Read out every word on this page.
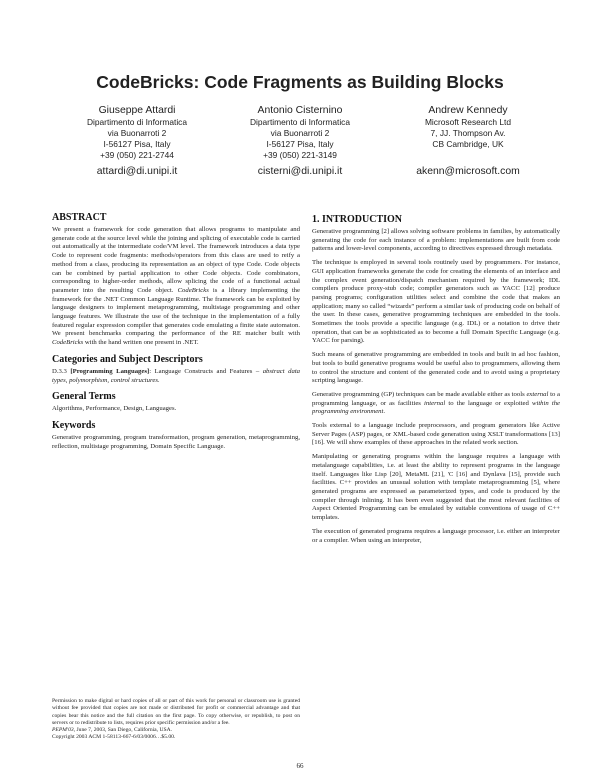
CodeBricks: Code Fragments as Building Blocks
Giuseppe Attardi
Dipartimento di Informatica
via Buonarroti 2
I-56127 Pisa, Italy
+39 (050) 221-2744
attardi@di.unipi.it
Antonio Cisternino
Dipartimento di Informatica
via Buonarroti 2
I-56127 Pisa, Italy
+39 (050) 221-3149
cisterni@di.unipi.it
Andrew Kennedy
Microsoft Research Ltd
7, JJ. Thompson Av.
CB Cambridge, UK
akenn@microsoft.com
ABSTRACT

We present a framework for code generation that allows programs to manipulate and generate code at the source level while the joining and splicing of executable code is carried out automatically at the intermediate code/VM level. The framework introduces a data type Code to represent code fragments: methods/operators from this class are used to reify a method from a class, producing its representation as an object of type Code. Code objects can be combined by partial application to other Code objects. Code combinators, corresponding to higher-order methods, allow splicing the code of a functional actual parameter into the resulting Code object. CodeBricks is a library implementing the framework for the .NET Common Language Runtime. The framework can be exploited by language designers to implement metaprogramming, multistage programming and other language features. We illustrate the use of the technique in the implementation of a fully featured regular expression compiler that generates code emulating a finite state automaton. We present benchmarks comparing the performance of the RE matcher built with CodeBricks with the hand written one present in .NET.

Categories and Subject Descriptors

D.3.3 [Programming Languages]: Language Constructs and Features – abstract data types, polymorphism, control structures.

General Terms

Algorithms, Performance, Design, Languages.

Keywords

Generative programming, program transformation, program generation, metaprogramming, reflection, multistage programming, Domain Specific Language.

Permission to make digital or hard copies of all or part of this work for personal or classroom use is granted without fee provided that copies are not made or distributed for profit or commercial advantage and that copies bear this notice and the full citation on the first page. To copy otherwise, or republish, to post on servers or to redistribute to lists, requires prior specific permission and/or a fee.

PEPM'03, June 7, 2003, San Diego, California, USA.

Copyright 2003 ACM 1-58113-667-6/03/0006…$5.00.

1. INTRODUCTION

Generative programming [2] allows solving software problems in families, by automatically generating the code for each instance of a problem: implementations are built from code patterns and lower-level components, according to directives expressed through metadata.

The technique is employed in several tools routinely used by programmers. For instance, GUI application frameworks generate the code for creating the elements of an interface and the complex event generation/dispatch mechanism required by the framework; IDL compilers produce proxy-stub code; compiler generators such as YACC [12] produce parsing programs; configuration utilities select and combine the code that makes an application; many so called “wizards” perform a similar task of producing code on behalf of the user. In these cases, generative programming techniques are embedded in the tools. Sometimes the tools provide a specific language (e.g. IDL) or a notation to drive their operation, that can be as sophisticated as to become a full Domain Specific Language (e.g. YACC for parsing).

Such means of generative programming are embedded in tools and built in ad hoc fashion, but tools to build generative programs would be useful also to programmers, allowing them to control the structure and content of the generated code and to avoid using a proprietary scripting language.

Generative programming (GP) techniques can be made available either as tools external to a programming language, or as facilities internal to the language or exploited within the programming environment.

Tools external to a language include preprocessors, and program generators like Active Server Pages (ASP) pages, or XML-based code generation using XSLT transformations [13][16]. We will show examples of these approaches in the related work section.

Manipulating or generating programs within the language requires a language with metalanguage capabilities, i.e. at least the ability to represent programs in the language itself. Languages like Lisp [20], MetaML [21], 'C [16] and Dynlava [15], provide such facilities. C++ provides an unusual solution with template metaprogramming [5], where generated programs are expressed as parameterized types, and code is produced by the compiler through inlining. It has been even suggested that the most relevant facilities of Aspect Oriented Programming can be emulated by suitable conventions of usage of C++ templates.

The execution of generated programs requires a language processor, i.e. either an interpreter or a compiler. When using an interpreter,

66
